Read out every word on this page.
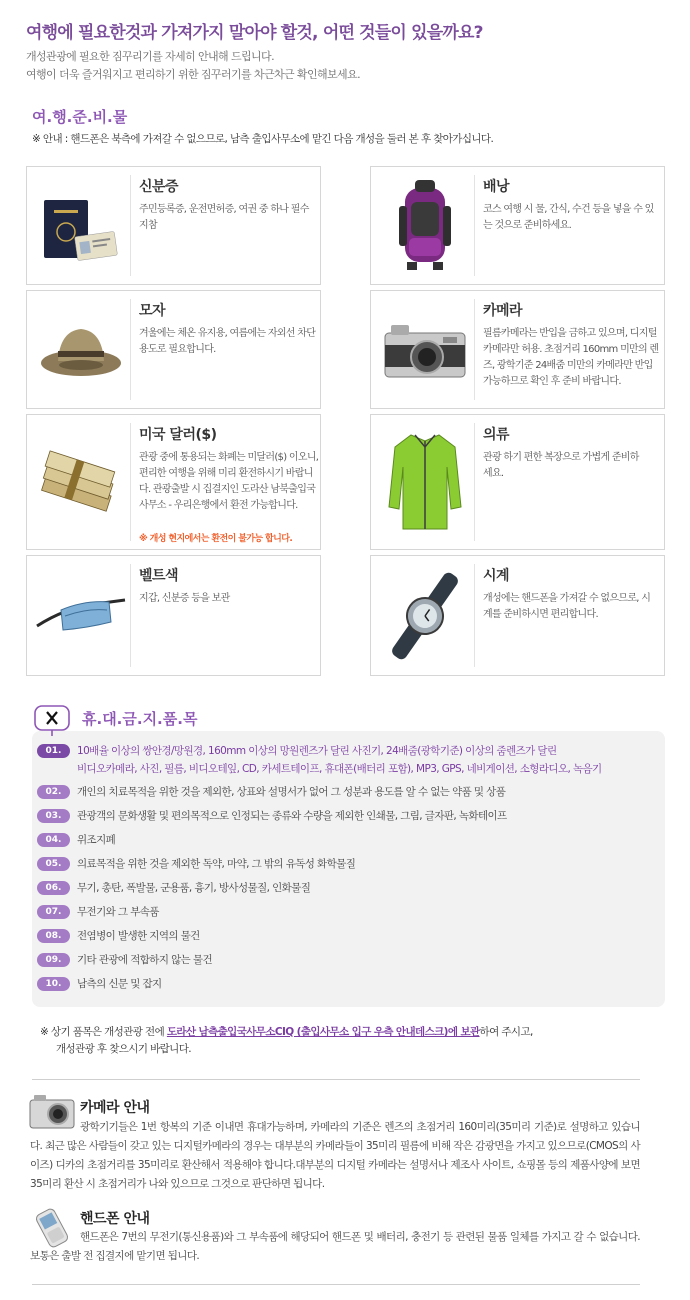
여행에 필요한것과 가져가지 말아야 할것, 어떤 것들이 있을까요?
개성관광에 필요한 짐꾸리기를 자세히 안내해 드립니다.
여행이 더욱 즐거워지고 편리하기 위한 짐꾸러기를 차근차근 확인해보세요.
여.행.준.비.물
※ 안내 : 핸드폰은 북측에 가져갈 수 없으므로, 남측 출입사무소에 맡긴 다음 개성을 둘러 본 후 찾아가십니다.
신분증
주민등록증, 운전면허증, 여권 중 하나 필수 지참
배낭
코스 여행 시 물, 간식, 수건 등을 넣을 수 있는 것으로 준비하세요.
모자
겨울에는 체온 유지용, 여름에는 자외선 차단 용도로 필요합니다.
카메라
필름카메라는 반입을 금하고 있으며, 디지털 카메라만 허용. 초점거리 160mm 미만의 렌즈, 광학기준 24배줌 미만의 카메라만 반입 가능하므로 확인 후 준비 바랍니다.
미국 달러($)
관광 중에 통용되는 화폐는 미달러($) 이오니, 편리한 여행을 위해 미리 환전하시기 바랍니다. 관광출발 시 집결지인 도라산 남북출입국 사무소 - 우리은행에서 환전 가능합니다.
※ 개성 현지에서는 환전이 불가능 합니다.
의류
관광 하기 편한 복장으로 가볍게 준비하세요.
벨트색
지갑, 신분증 등을 보관
시계
개성에는 핸드폰을 가져갈 수 없으므로, 시계를 준비하시면 편리합니다.
휴.대.금.지.품.목
01.	10배율 이상의 쌍안경/망원경, 160mm 이상의 망원렌즈가 달린 사진기, 24배줌(광학기준) 이상의 줌렌즈가 달린
비디오카메라, 사진, 필름, 비디오테잎, CD, 카세트테이프, 휴대폰(배터리 포함), MP3, GPS, 네비게이션, 소형라디오, 녹음기
02.	개인의 치료목적을 위한 것을 제외한, 상표와 설명서가 없어 그 성분과 용도를 알 수 없는 약품 및 상품
03.	관광객의 문화생활 및 편의목적으로 인정되는 종류와 수량을 제외한 인쇄물, 그림, 글자판, 녹화테이프
04.	위조지폐
05.	의료목적을 위한 것을 제외한 독약, 마약, 그 밖의 유독성 화학물질
06.	무기, 총탄, 폭발물, 군용품, 흉기, 방사성물질, 인화물질
07.	무전기와 그 부속품
08.	전염병이 발생한 지역의 물건
09.	기타 관광에 적합하지 않는 물건
10.	남측의 신문 및 잡지
※ 상기 품목은 개성관광 전에 도라산 남측출입국사무소CIQ (출입사무소 입구 우측 안내데스크)에 보관하여 주시고,
개성관광 후 찾으시기 바랍니다.
카메라 안내
광학기기들은 1번 항복의 기준 이내면 휴대가능하며, 카메라의 기준은 렌즈의 초점거리 160미리(35미리 기준)로 설명하고 있습니다. 최근 많은 사람들이 갖고 있는 디지털카메라의 경우는 대부분의 카메라들이 35미리 필름에 비해 작은 감광면을 가지고 있으므로(CMOS의 사이즈) 디카의 초점거리를 35미리로 환산해서 적용해야 합니다.대부분의 디지털 카메라는 설명서나 제조사 사이트, 쇼핑몰 등의 제품사양에 보면 35미리 환산 시 초점거리가 나와 있으므로 그것으로 판단하면 됩니다.
핸드폰 안내
핸드폰은 7번의 무전기(통신용품)와 그 부속품에 해당되어 핸드폰 및 배터리, 충전기 등 관련된 물품 일체를 가지고 갈 수 없습니다. 보통은 출발 전 집결지에 맡기면 됩니다.
